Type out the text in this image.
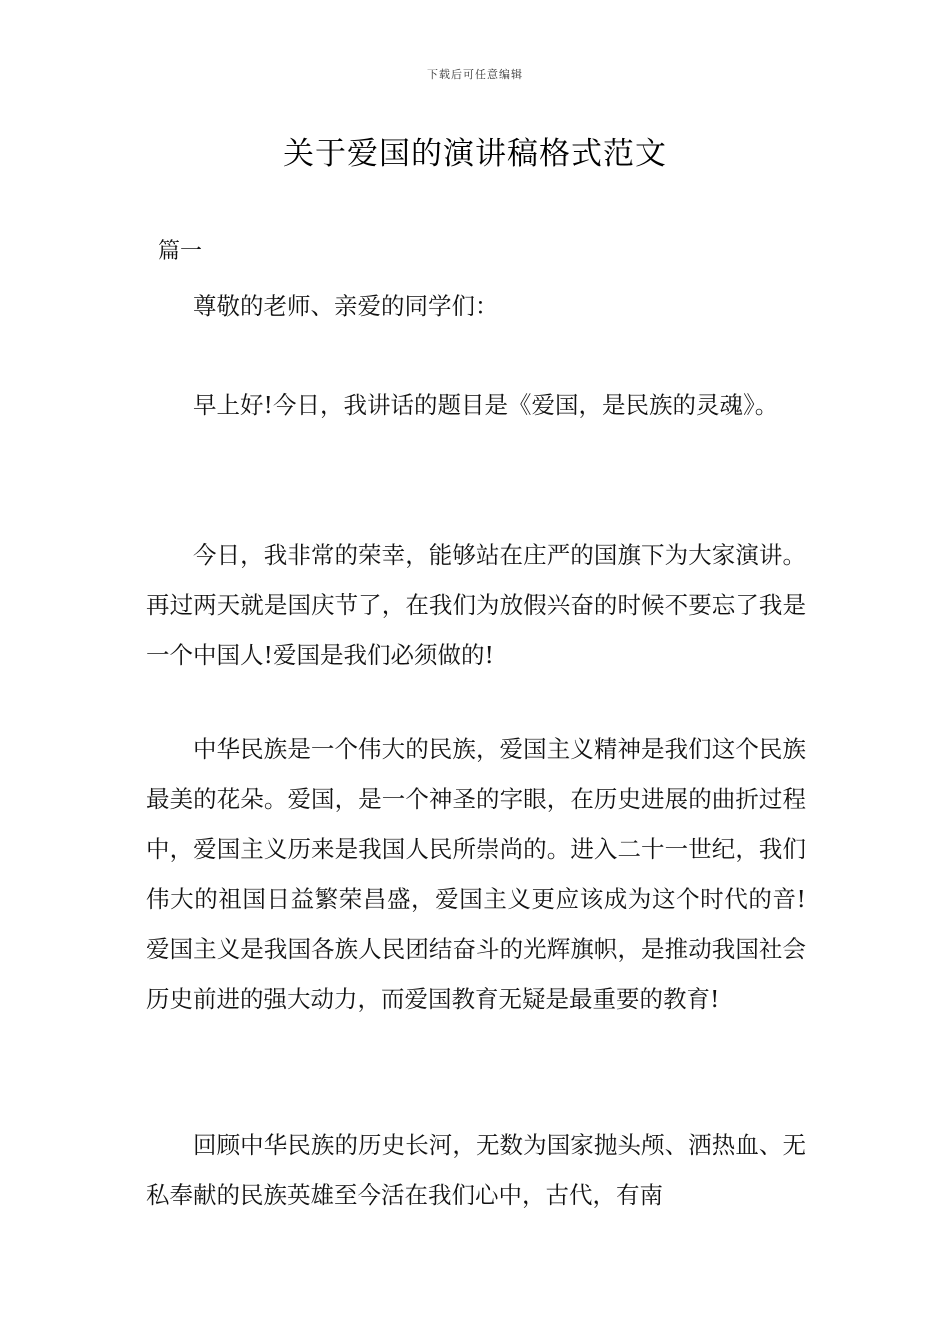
下载后可任意编辑
关于爱国的演讲稿格式范文
篇一

尊敬的老师、亲爱的同学们：

早上好!今日，我讲话的题目是《爱国，是民族的灵魂》。

今日，我非常的荣幸，能够站在庄严的国旗下为大家演讲。再过两天就是国庆节了，在我们为放假兴奋的时候不要忘了我是一个中国人!爱国是我们必须做的!

中华民族是一个伟大的民族，爱国主义精神是我们这个民族最美的花朵。爱国，是一个神圣的字眼，在历史进展的曲折过程中，爱国主义历来是我国人民所崇尚的。进入二十一世纪，我们伟大的祖国日益繁荣昌盛，爱国主义更应该成为这个时代的音!爱国主义是我国各族人民团结奋斗的光辉旗帜，是推动我国社会历史前进的强大动力，而爱国教育无疑是最重要的教育!

回顾中华民族的历史长河，无数为国家抛头颅、洒热血、无私奉献的民族英雄至今活在我们心中，古代，有南
